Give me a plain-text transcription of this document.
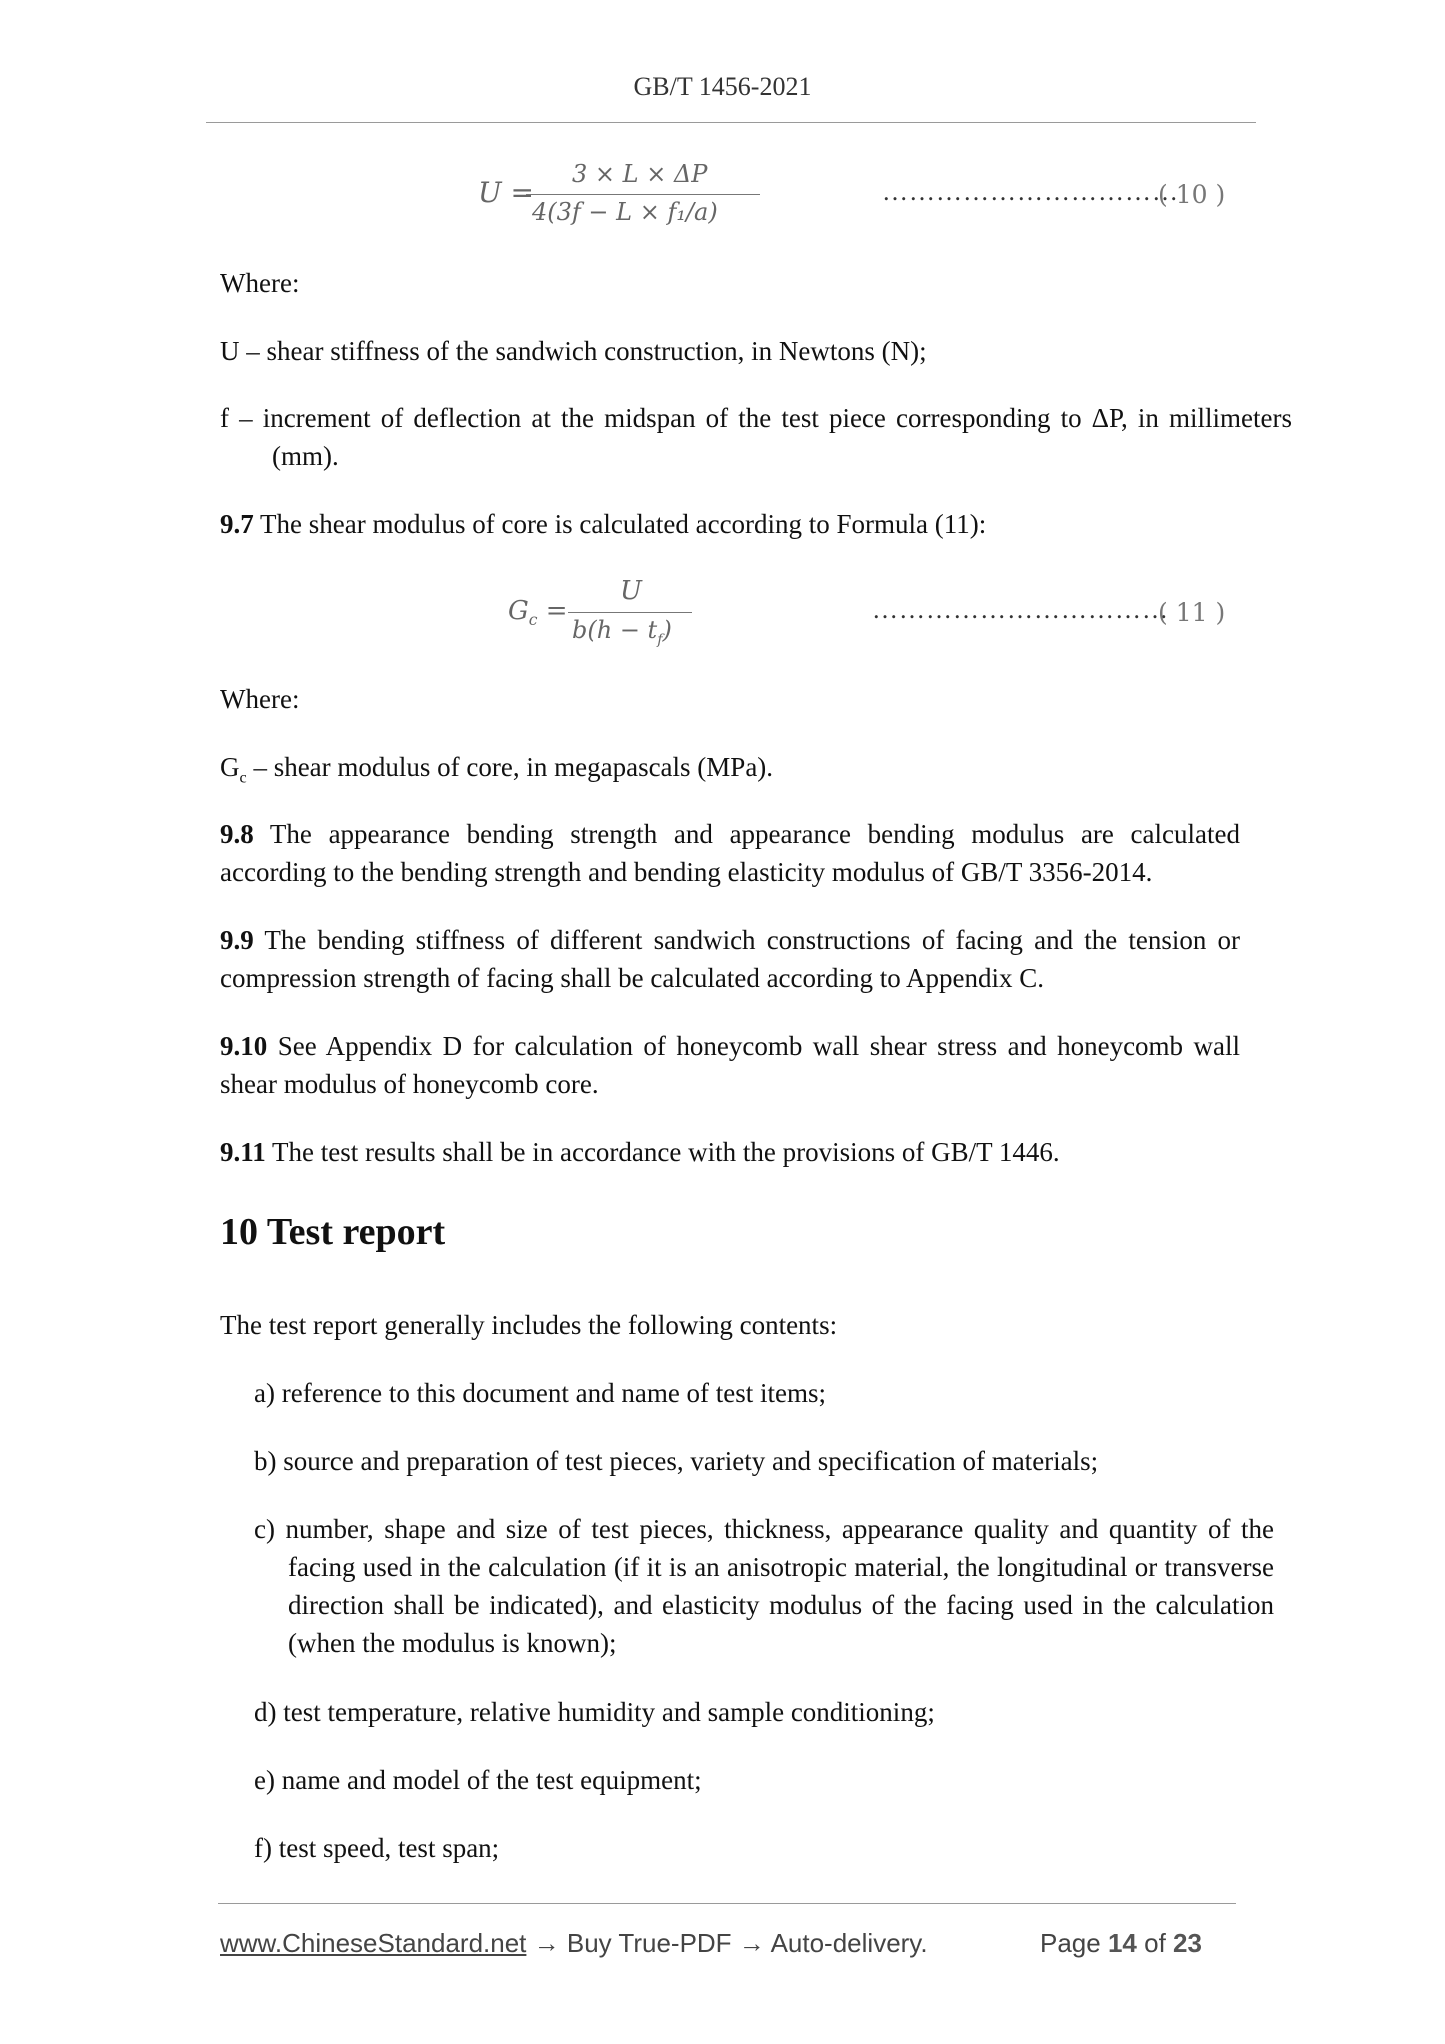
GB/T 1456-2021
U =
3 × L × ΔP
4(3f − L × f₁/a)
……………………………
( 10 )
Where:
U – shear stiffness of the sandwich construction, in Newtons (N);
f – increment of deflection at the midspan of the test piece corresponding to ΔP, in millimeters (mm).
9.7 The shear modulus of core is calculated according to Formula (11):
$G_c$ =
U
$b(h - t_f)$
……………………………
( 11 )
Where:
$G_c$ – shear modulus of core, in megapascals (MPa).
9.8 The appearance bending strength and appearance bending modulus are calculated according to the bending strength and bending elasticity modulus of GB/T 3356-2014.
9.9 The bending stiffness of different sandwich constructions of facing and the tension or compression strength of facing shall be calculated according to Appendix C.
9.10 See Appendix D for calculation of honeycomb wall shear stress and honeycomb wall shear modulus of honeycomb core.
9.11 The test results shall be in accordance with the provisions of GB/T 1446.
10 Test report
The test report generally includes the following contents:
a) reference to this document and name of test items;
b) source and preparation of test pieces, variety and specification of materials;
c) number, shape and size of test pieces, thickness, appearance quality and quantity of the facing used in the calculation (if it is an anisotropic material, the longitudinal or transverse direction shall be indicated), and elasticity modulus of the facing used in the calculation (when the modulus is known);
d) test temperature, relative humidity and sample conditioning;
e) name and model of the test equipment;
f) test speed, test span;
www.ChineseStandard.net → Buy True-PDF → Auto-delivery.	Page 14 of 23
